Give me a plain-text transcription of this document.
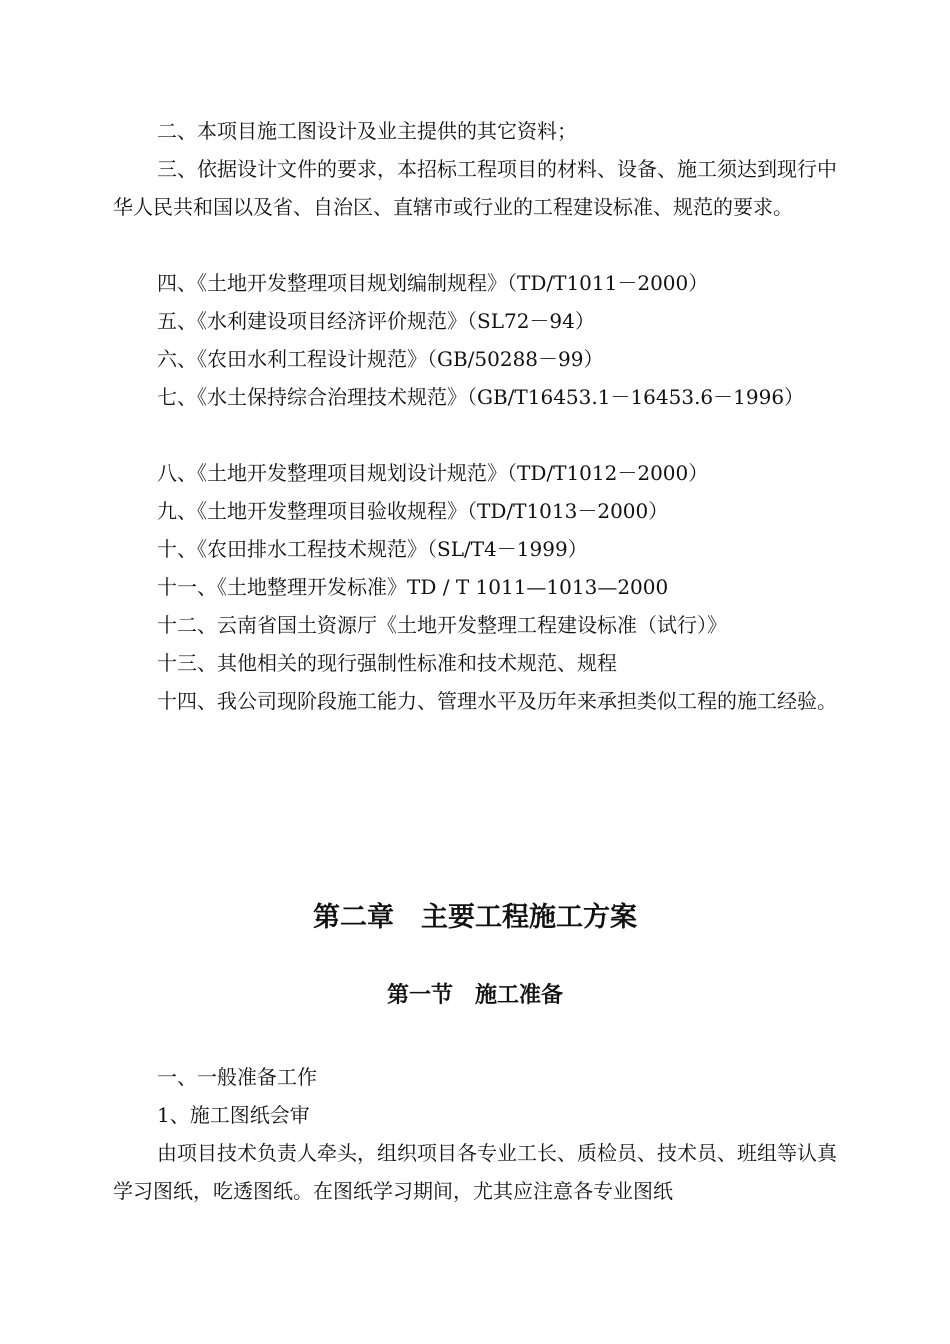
二、本项目施工图设计及业主提供的其它资料；

三、依据设计文件的要求，本招标工程项目的材料、设备、施工须达到现行中华人民共和国以及省、自治区、直辖市或行业的工程建设标准、规范的要求。

四、《土地开发整理项目规划编制规程》（TD/T1011－2000）

五、《水利建设项目经济评价规范》（SL72－94）

六、《农田水利工程设计规范》（GB/50288－99）

七、《水土保持综合治理技术规范》（GB/T16453.1－16453.6－1996）

八、《土地开发整理项目规划设计规范》（TD/T1012－2000）

九、《土地开发整理项目验收规程》（TD/T1013－2000）

十、《农田排水工程技术规范》（SL/T4－1999）

十一、《土地整理开发标准》TD / T 1011—1013—2000

十二、云南省国土资源厅《土地开发整理工程建设标准（试行）》

十三、其他相关的现行强制性标准和技术规范、规程

十四、我公司现阶段施工能力、管理水平及历年来承担类似工程的施工经验。

第二章　主要工程施工方案
第一节　施工准备

一、一般准备工作

1、施工图纸会审

由项目技术负责人牵头，组织项目各专业工长、质检员、技术员、班组等认真学习图纸，吃透图纸。在图纸学习期间，尤其应注意各专业图纸
